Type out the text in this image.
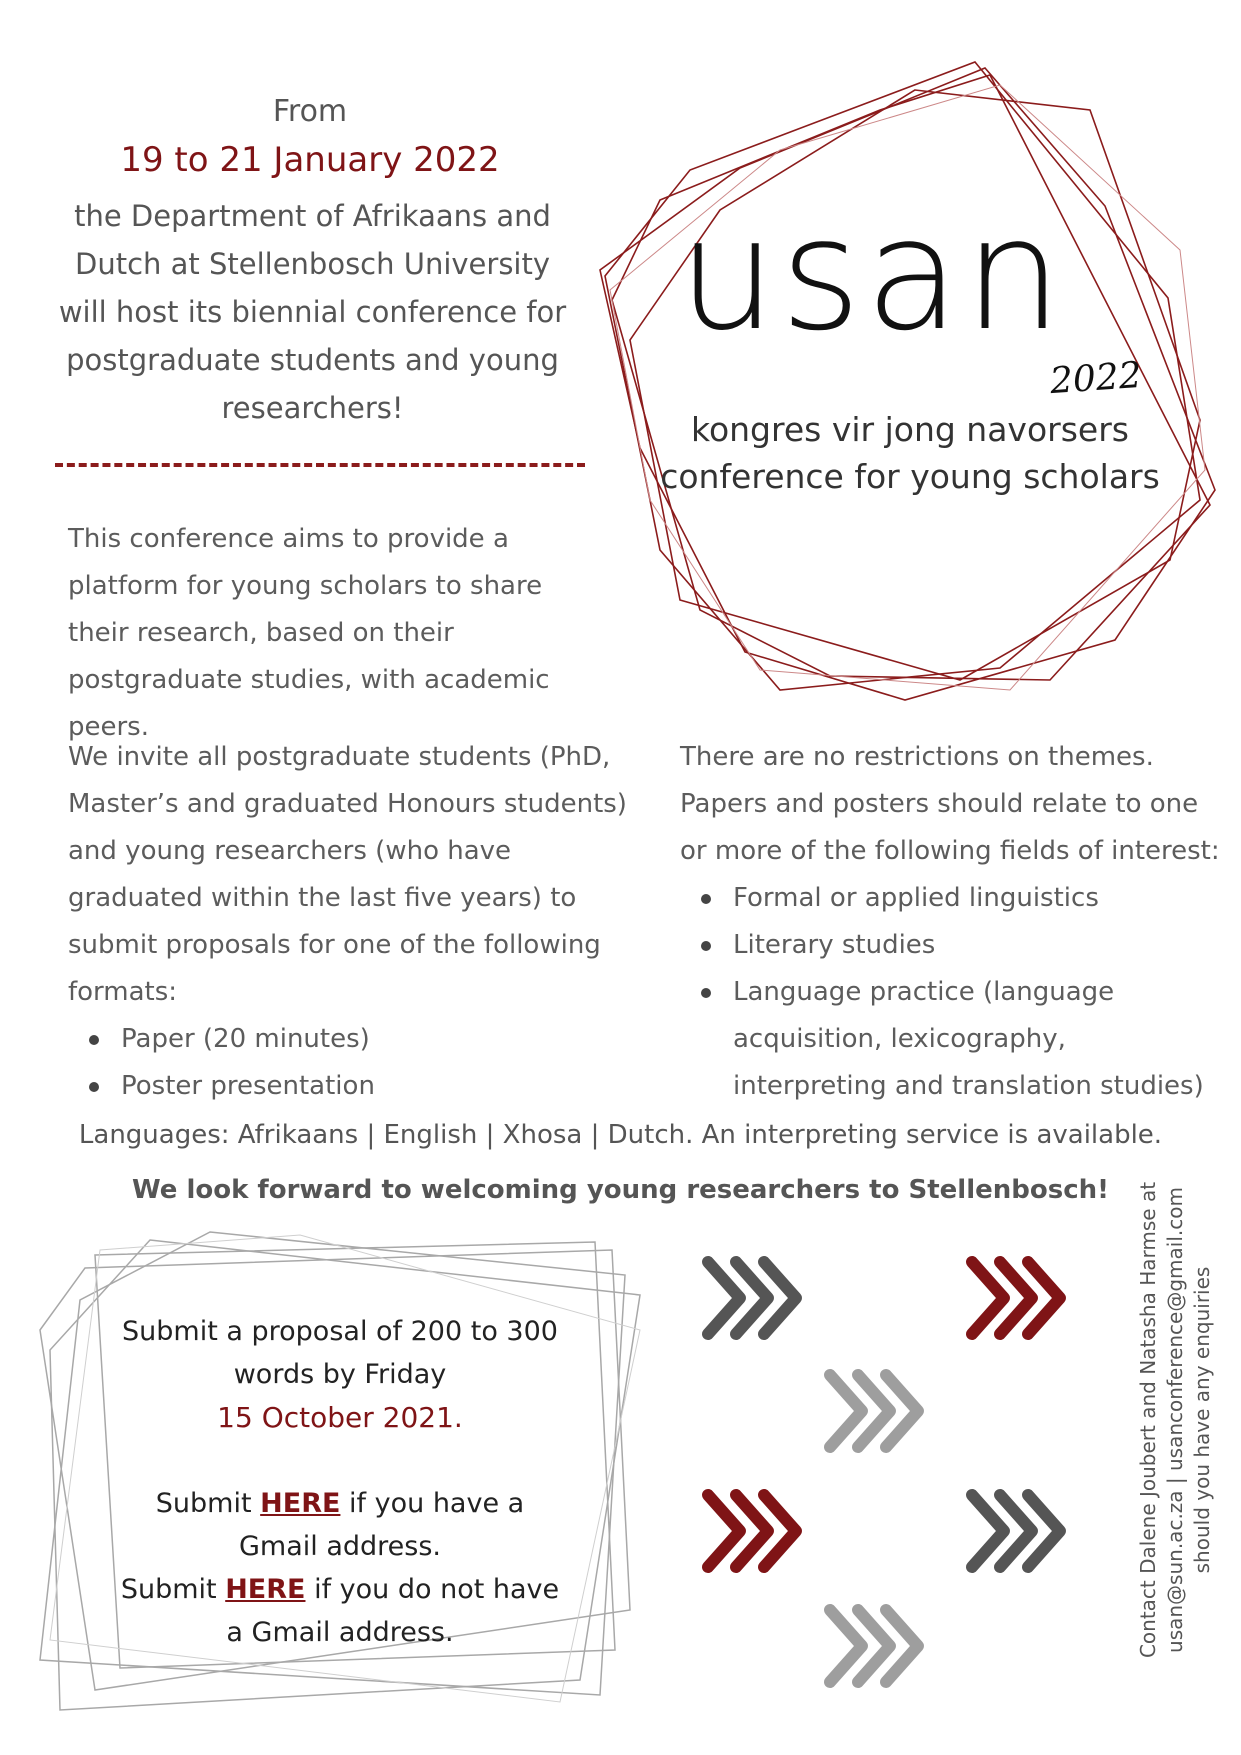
usan
2022
kongres vir jong navorsers
conference for young scholars
From
19 to 21 January 2022
the Department of Afrikaans and Dutch at Stellenbosch University will host its biennial conference for postgraduate students and young researchers!
This conference aims to provide a platform for young scholars to share their research, based on their postgraduate studies, with academic peers.
We invite all postgraduate students (PhD, Master’s and graduated Honours students) and young researchers (who have graduated within the last five years) to submit proposals for one of the following formats:
Paper (20 minutes)
Poster presentation
There are no restrictions on themes. Papers and posters should relate to one or more of the following fields of interest:
Formal or applied linguistics
Literary studies
Language practice (language acquisition, lexicography, interpreting and translation studies)
Languages: Afrikaans | English | Xhosa | Dutch. An interpreting service is available.
We look forward to welcoming young researchers to Stellenbosch!
Submit a proposal of 200 to 300 words by Friday
15 October 2021.
Submit HERE if you have a Gmail address.
Submit HERE if you do not have a Gmail address.	Contact Dalene Joubert and Natasha Harmse at usan@sun.ac.za | usanconference@gmail.com should you have any enquiries
